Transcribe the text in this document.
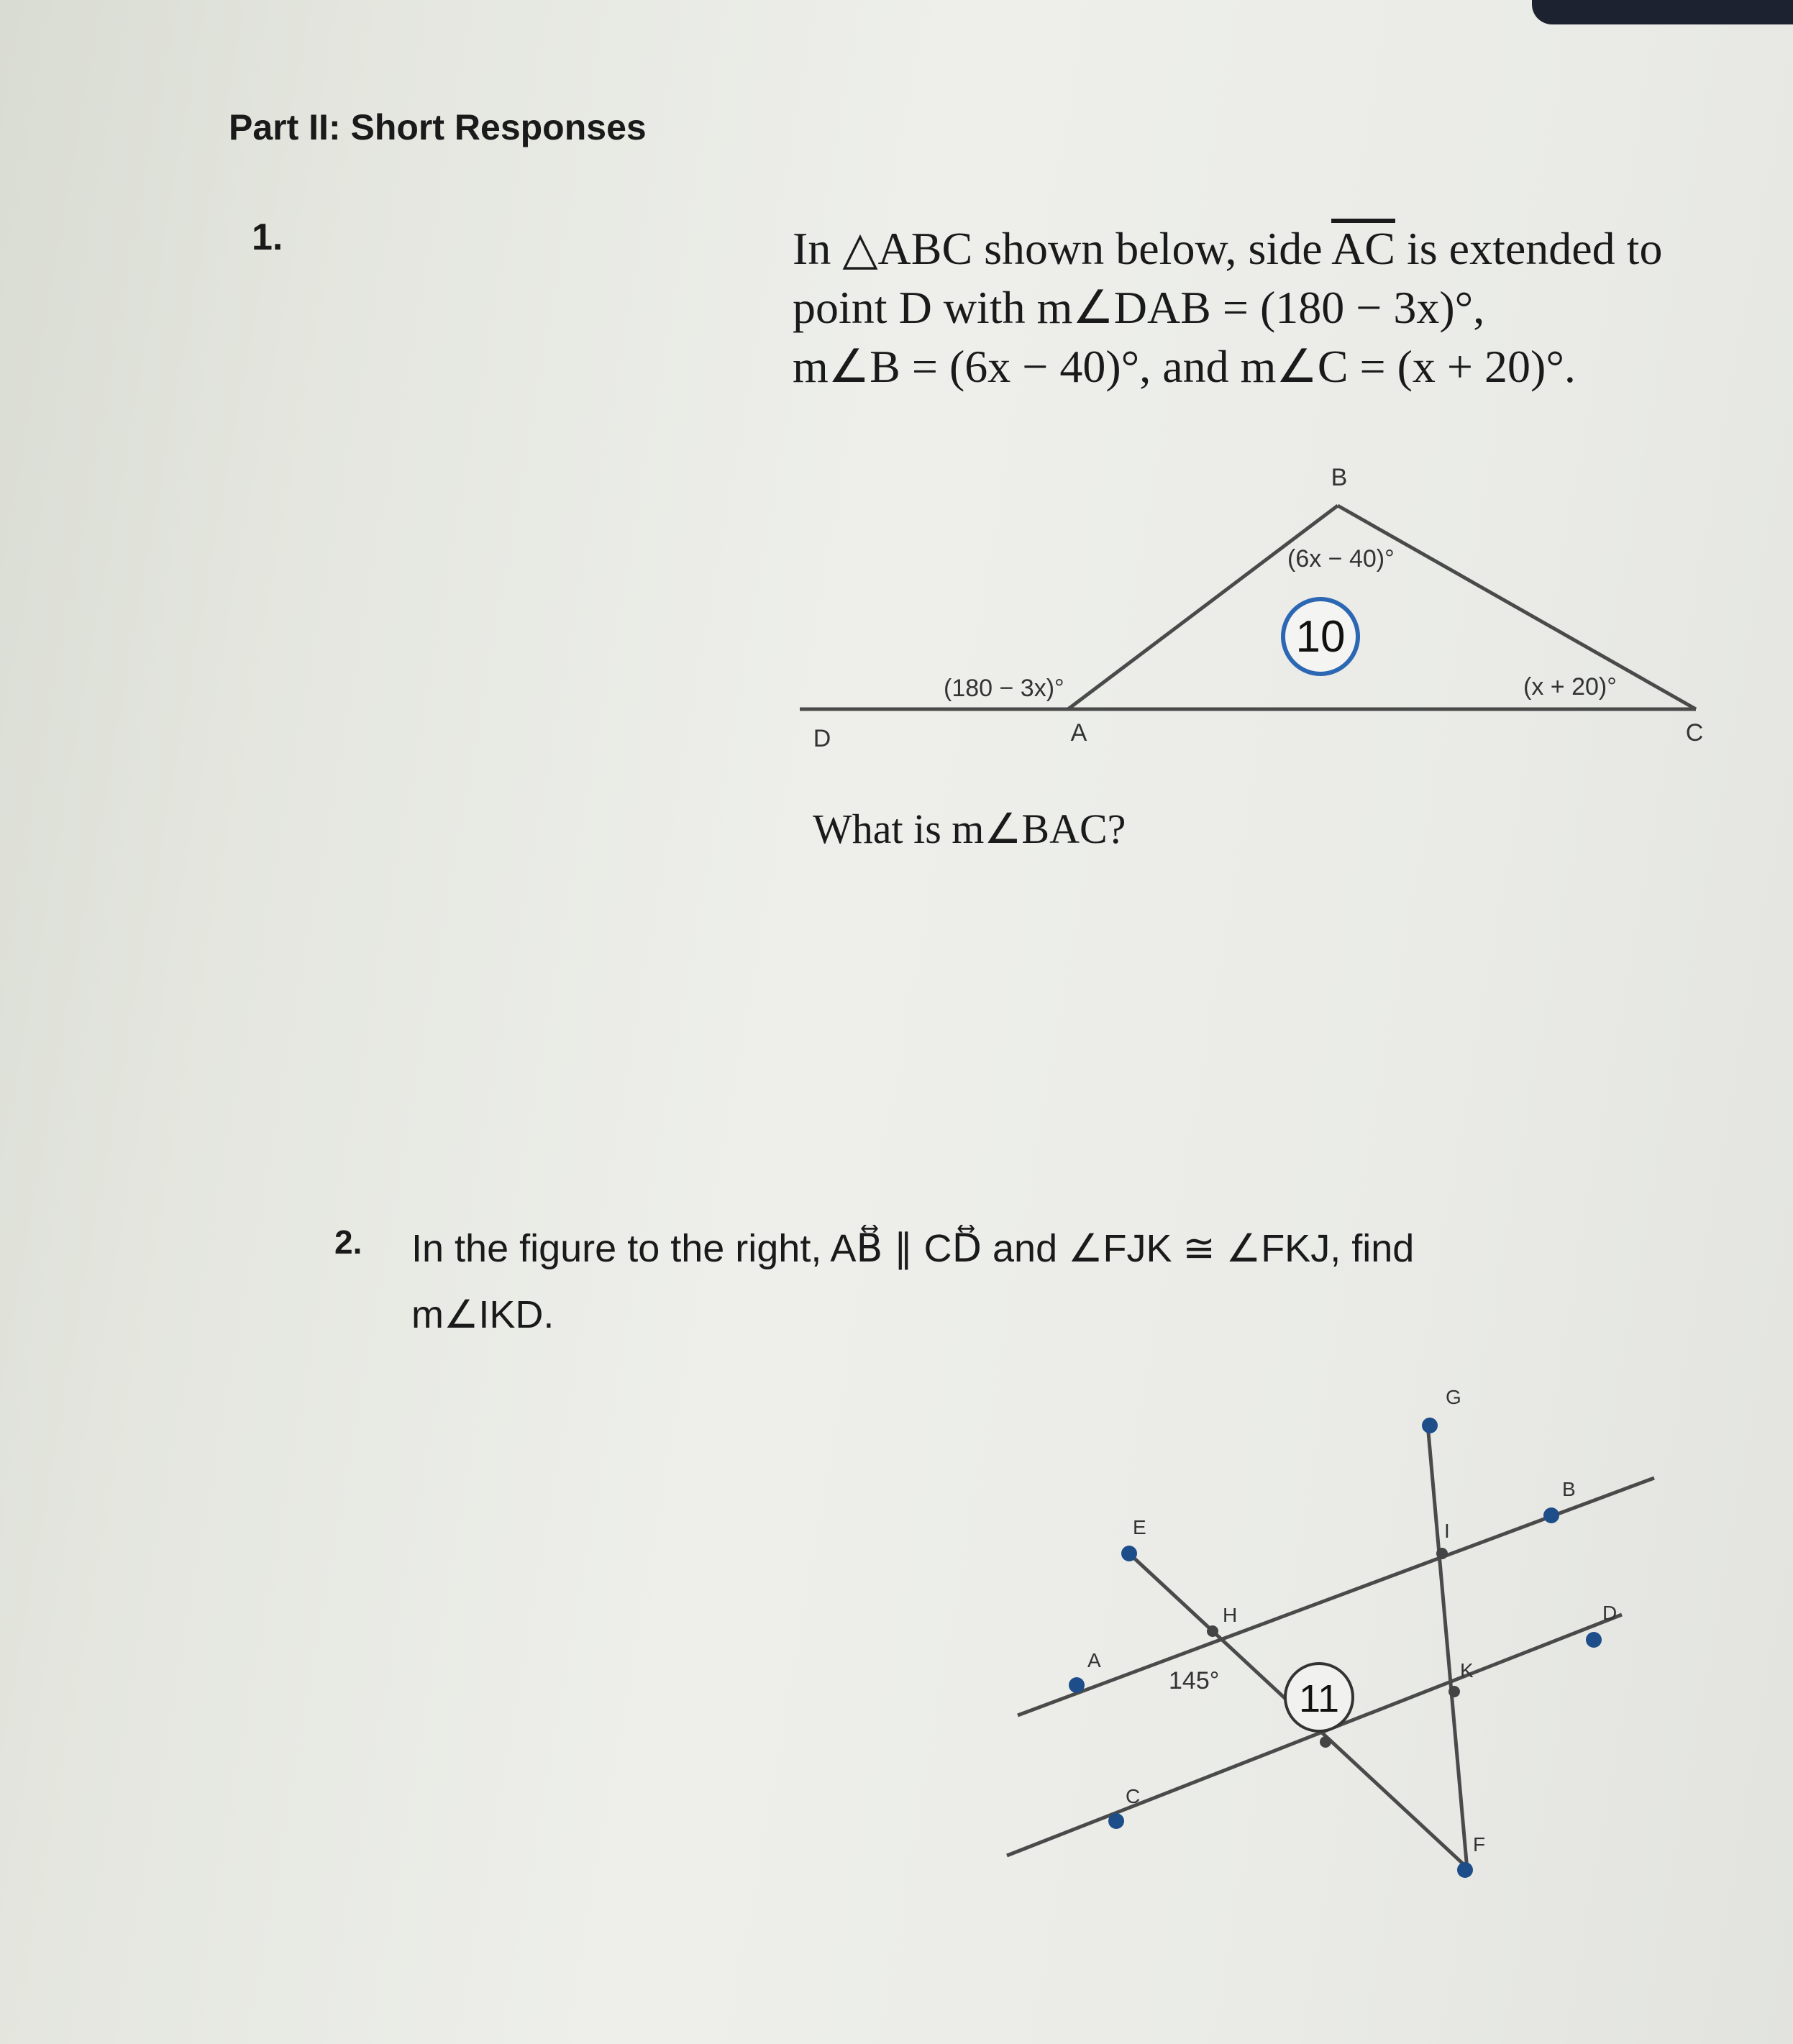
Part II: Short Responses
1.	In △ABC shown below, side $\overline{AC}$ is extended to

point D with m∠DAB = (180 − 3x)°,

m∠B = (6x − 40)°, and m∠C = (x + 20)°.

B
D	A	C
(6x − 40)°
(180 − 3x)°	(x + 20)°
10
What is m∠BAC?
2. In the figure to the right, AB⃡ ∥ CD⃡ and ∠FJK ≅ ∠FKJ, find

m∠IKD.

G
B
E	I
H	D
A	K
C
F
145° 11
